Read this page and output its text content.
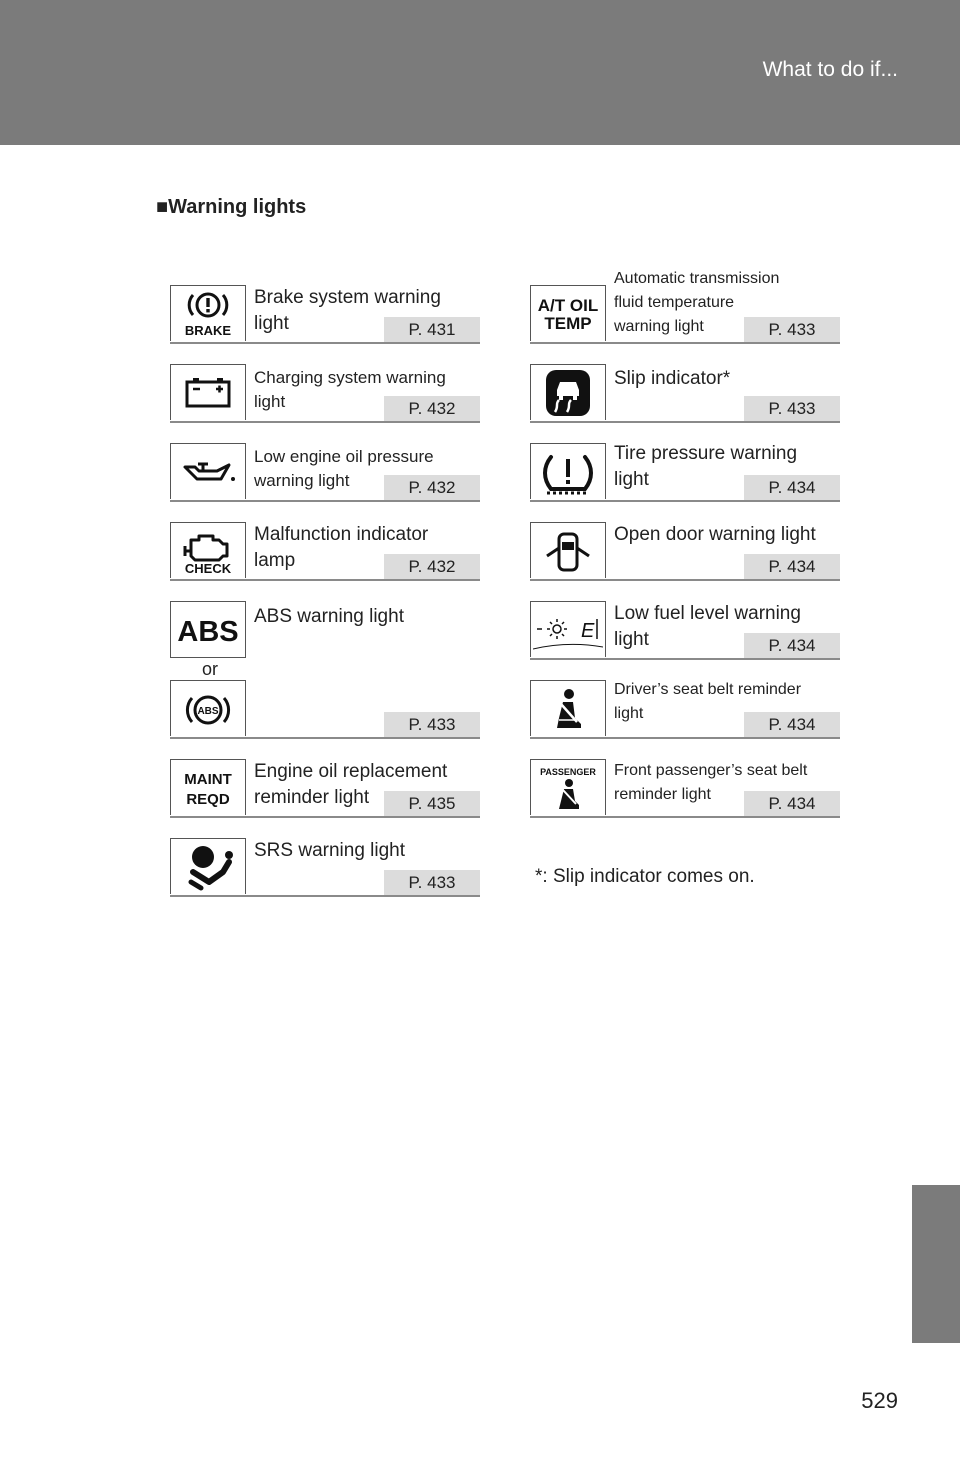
What to do if...
529
■Warning lights
BRAKE
Brake system warning
light	P. 431
Charging system warning
light	P. 432
Low engine oil pressure
warning light	P. 432
CHECK
Malfunction indicator
lamp	P. 432
ABS ABS warning light
or
ABS
P. 433
MAINT
REQD
Engine oil replacement
reminder light	P. 435
SRS warning light
P. 433
A/T OIL
TEMP
Automatic transmission
fluid temperature
warning light	P. 433
Slip indicator*
P. 433
Tire pressure warning
light	P. 434
Open door warning light
P. 434
E
Low fuel level warning
light	P. 434
Driver’s seat belt reminder
light
P. 434
PASSENGER Front passenger’s seat belt
reminder light	P. 434
*: Slip indicator comes on.
